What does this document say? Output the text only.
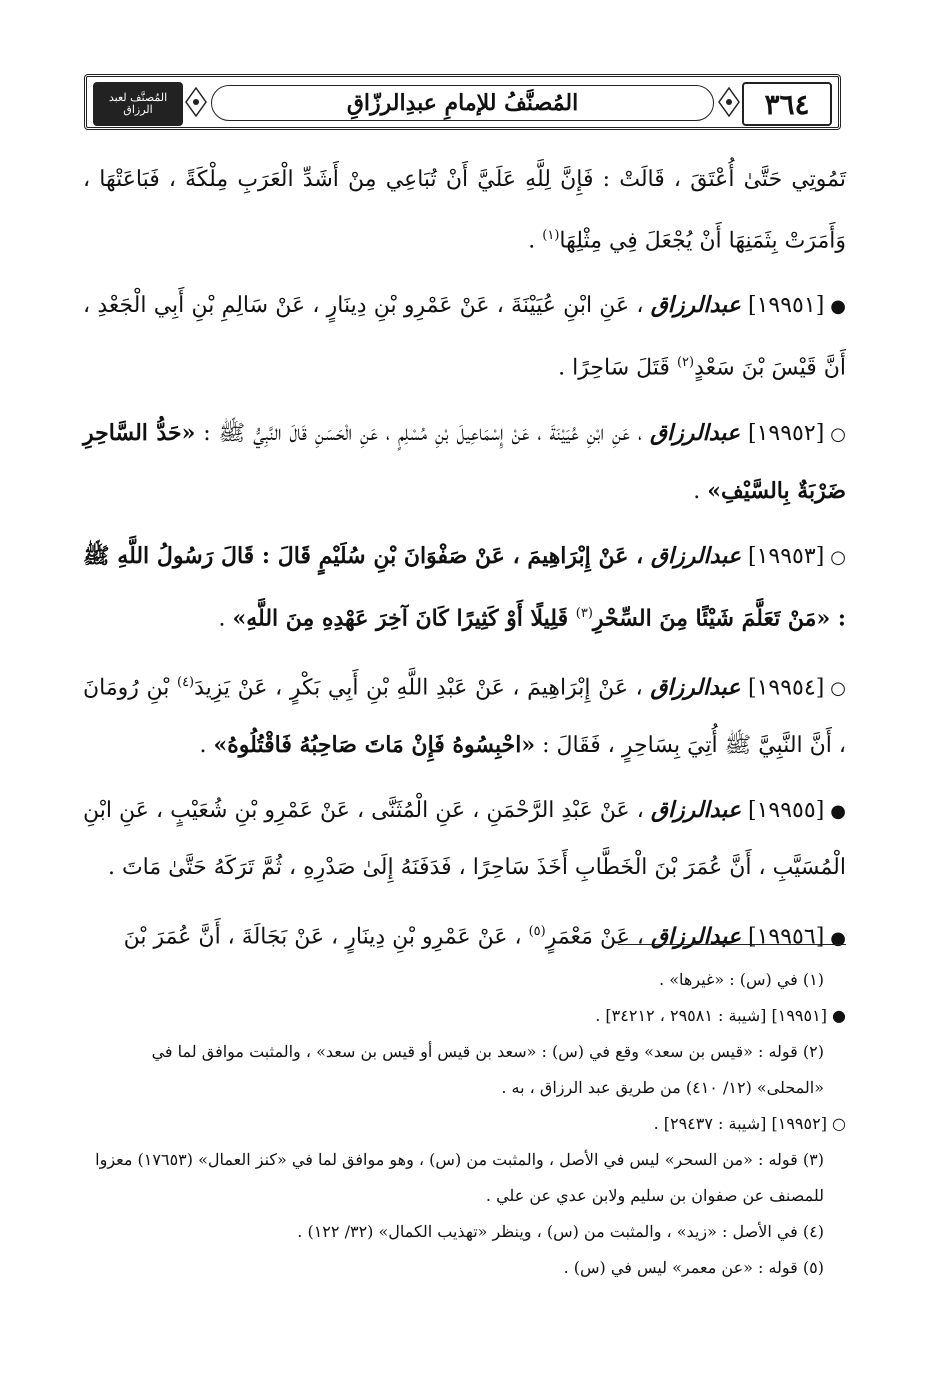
٣٦٤
المُصنَّفُ للإمامِ عبدِالرزّاقِ
المُصنَّف لعبد الرزاق

تَمُوتِي حَتَّىٰ أُعْتَقَ ، قَالَتْ : فَإِنَّ لِلَّهِ عَلَيَّ أَنْ تُبَاعِي مِنْ أَشَدِّ الْعَرَبِ مِلْكَةً ، فَبَاعَتْهَا ، وَأَمَرَتْ بِثَمَنِهَا أَنْ يُجْعَلَ فِي مِثْلِهَا$^{(١)}$ .

●[١٩٩٥١] عبدالرزاق ، عَنِ ابْنِ عُيَيْنَةَ ، عَنْ عَمْرِو بْنِ دِينَارٍ ، عَنْ سَالِمِ بْنِ أَبِي الْجَعْدِ ، أَنَّ قَيْسَ بْنَ سَعْدٍ$^{(٢)}$ قَتَلَ سَاحِرًا .

○[١٩٩٥٢] عبدالرزاق ، عَنِ ابْنِ عُيَيْنَةَ ، عَنْ إِسْمَاعِيلَ بْنِ مُسْلِمٍ ، عَنِ الْحَسَنِ قَالَ النَّبِيُّ ﷺ : «حَدُّ السَّاحِرِ ضَرْبَةٌ بِالسَّيْفِ» .

○[١٩٩٥٣] عبدالرزاق ، عَنْ إِبْرَاهِيمَ ، عَنْ صَفْوَانَ بْنِ سُلَيْمٍ قَالَ : قَالَ رَسُولُ اللَّهِ ﷺ : «مَنْ تَعَلَّمَ شَيْئًا مِنَ السِّحْرِ$^{(٣)}$ قَلِيلًا أَوْ كَثِيرًا كَانَ آخِرَ عَهْدِهِ مِنَ اللَّهِ» .

○[١٩٩٥٤] عبدالرزاق ، عَنْ إِبْرَاهِيمَ ، عَنْ عَبْدِ اللَّهِ بْنِ أَبِي بَكْرٍ ، عَنْ يَزِيدَ$^{(٤)}$ بْنِ رُومَانَ ، أَنَّ النَّبِيَّ ﷺ أُتِيَ بِسَاحِرٍ ، فَقَالَ : «احْبِسُوهُ فَإِنْ مَاتَ صَاحِبُهُ فَاقْتُلُوهُ» .

●[١٩٩٥٥] عبدالرزاق ، عَنْ عَبْدِ الرَّحْمَنِ ، عَنِ الْمُثَنَّى ، عَنْ عَمْرِو بْنِ شُعَيْبٍ ، عَنِ ابْنِ الْمُسَيَّبِ ، أَنَّ عُمَرَ بْنَ الْخَطَّابِ أَخَذَ سَاحِرًا ، فَدَفَنَهُ إِلَىٰ صَدْرِهِ ، ثُمَّ تَرَكَهُ حَتَّىٰ مَاتَ .

●[١٩٩٥٦] عبدالرزاق ، عَنْ مَعْمَرٍ$^{(٥)}$ ، عَنْ عَمْرِو بْنِ دِينَارٍ ، عَنْ بَجَالَةَ ، أَنَّ عُمَرَ بْنَ

(١) في (س) : «غيرها» .

● [١٩٩٥١] [شيبة : ٢٩٥٨١ ، ٣٤٢١٢] .

(٢) قوله : «قيس بن سعد» وقع في (س) : «سعد بن قيس أو قيس بن سعد» ، والمثبت موافق لما في «المحلى» (١٢/ ٤١٠) من طريق عبد الرزاق ، به .

○ [١٩٩٥٢] [شيبة : ٢٩٤٣٧] .

(٣) قوله : «من السحر» ليس في الأصل ، والمثبت من (س) ، وهو موافق لما في «كنز العمال» (١٧٦٥٣) معزوا للمصنف عن صفوان بن سليم ولابن عدي عن علي .

(٤) في الأصل : «زيد» ، والمثبت من (س) ، وينظر «تهذيب الكمال» (٣٢/ ١٢٢) .

(٥) قوله : «عن معمر» ليس في (س) .
